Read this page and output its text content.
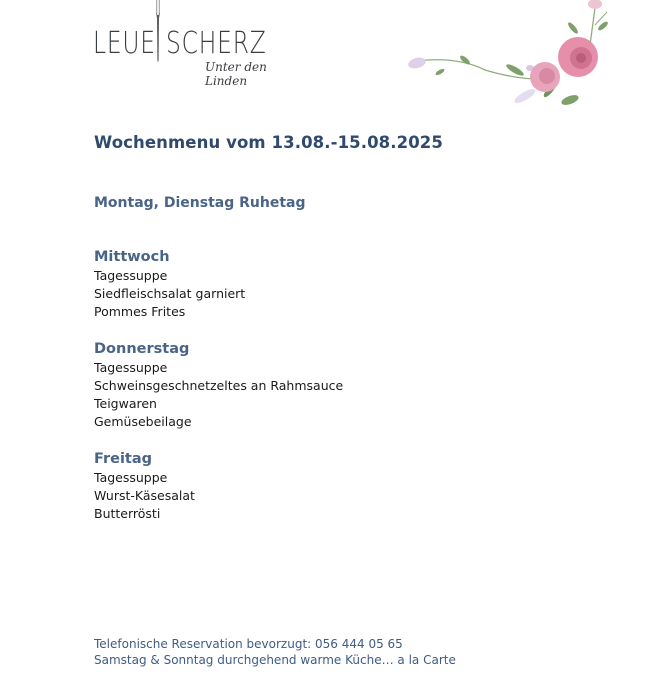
LEUE SCHERZ
Unter den Linden
Wochenmenu vom 13.08.-15.08.2025
Montag, Dienstag Ruhetag
Mittwoch
Tagessuppe
Siedfleischsalat garniert
Pommes Frites
Donnerstag
Tagessuppe
Schweinsgeschnetzeltes an Rahmsauce
Teigwaren
Gemüsebeilage
Freitag
Tagessuppe
Wurst-Käsesalat
Butterrösti
Telefonische Reservation bevorzugt: 056 444 05 65
Samstag & Sonntag durchgehend warme Küche… a la Carte
